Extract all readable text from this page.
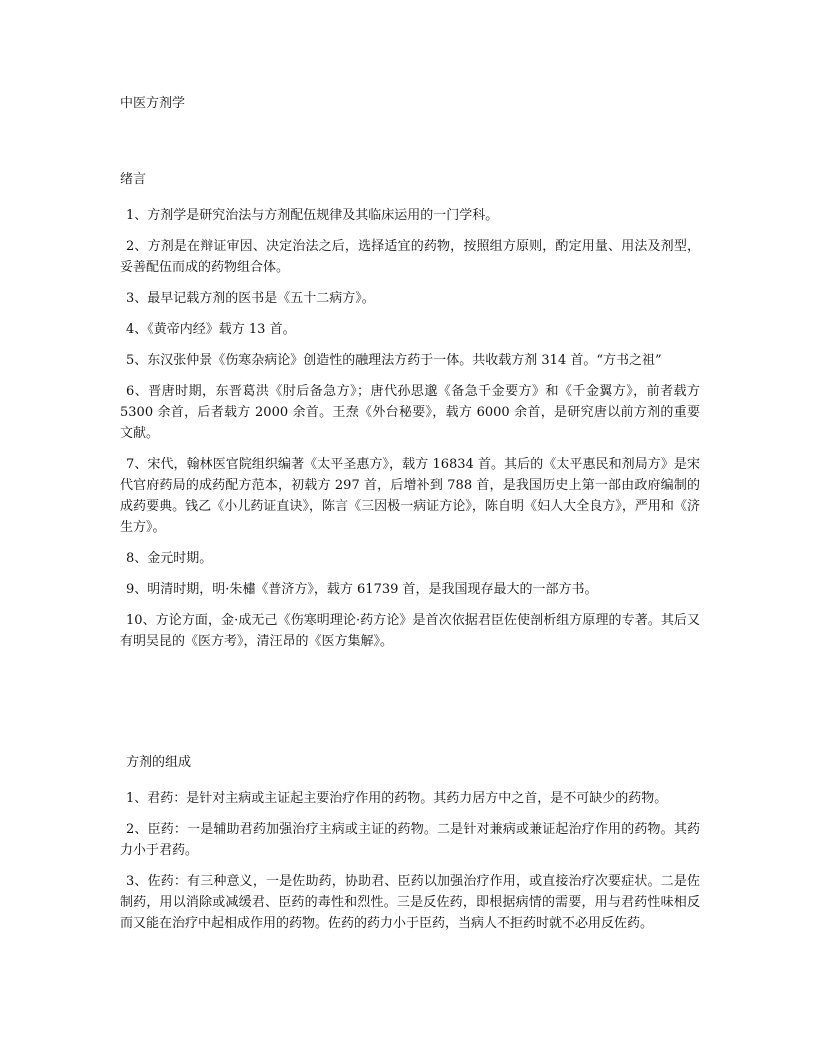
中医方剂学
绪言

1、方剂学是研究治法与方剂配伍规律及其临床运用的一门学科。

2、方剂是在辩证审因、决定治法之后，选择适宜的药物，按照组方原则，酌定用量、用法及剂型，妥善配伍而成的药物组合体。

3、最早记载方剂的医书是《五十二病方》。

4、《黄帝内经》载方 13 首。

5、东汉张仲景《伤寒杂病论》创造性的融理法方药于一体。共收载方剂 314 首。“方书之祖”

6、晋唐时期，东晋葛洪《肘后备急方》；唐代孙思邈《备急千金要方》和《千金翼方》，前者载方 5300 余首，后者载方 2000 余首。王焘《外台秘要》，载方 6000 余首，是研究唐以前方剂的重要文献。

7、宋代，翰林医官院组织编著《太平圣惠方》，载方 16834 首。其后的《太平惠民和剂局方》是宋代官府药局的成药配方范本，初载方 297 首，后增补到 788 首，是我国历史上第一部由政府编制的成药要典。钱乙《小儿药证直诀》，陈言《三因极一病证方论》，陈自明《妇人大全良方》，严用和《济生方》。

8、金元时期。

9、明清时期，明·朱橚《普济方》，载方 61739 首，是我国现存最大的一部方书。

10、方论方面，金·成无己《伤寒明理论·药方论》是首次依据君臣佐使剖析组方原理的专著。其后又有明吴昆的《医方考》，清汪昂的《医方集解》。

方剂的组成

1、君药：是针对主病或主证起主要治疗作用的药物。其药力居方中之首，是不可缺少的药物。

2、臣药：一是辅助君药加强治疗主病或主证的药物。二是针对兼病或兼证起治疗作用的药物。其药力小于君药。

3、佐药：有三种意义，一是佐助药，协助君、臣药以加强治疗作用，或直接治疗次要症状。二是佐制药，用以消除或减缓君、臣药的毒性和烈性。三是反佐药，即根据病情的需要，用与君药性味相反而又能在治疗中起相成作用的药物。佐药的药力小于臣药，当病人不拒药时就不必用反佐药。
